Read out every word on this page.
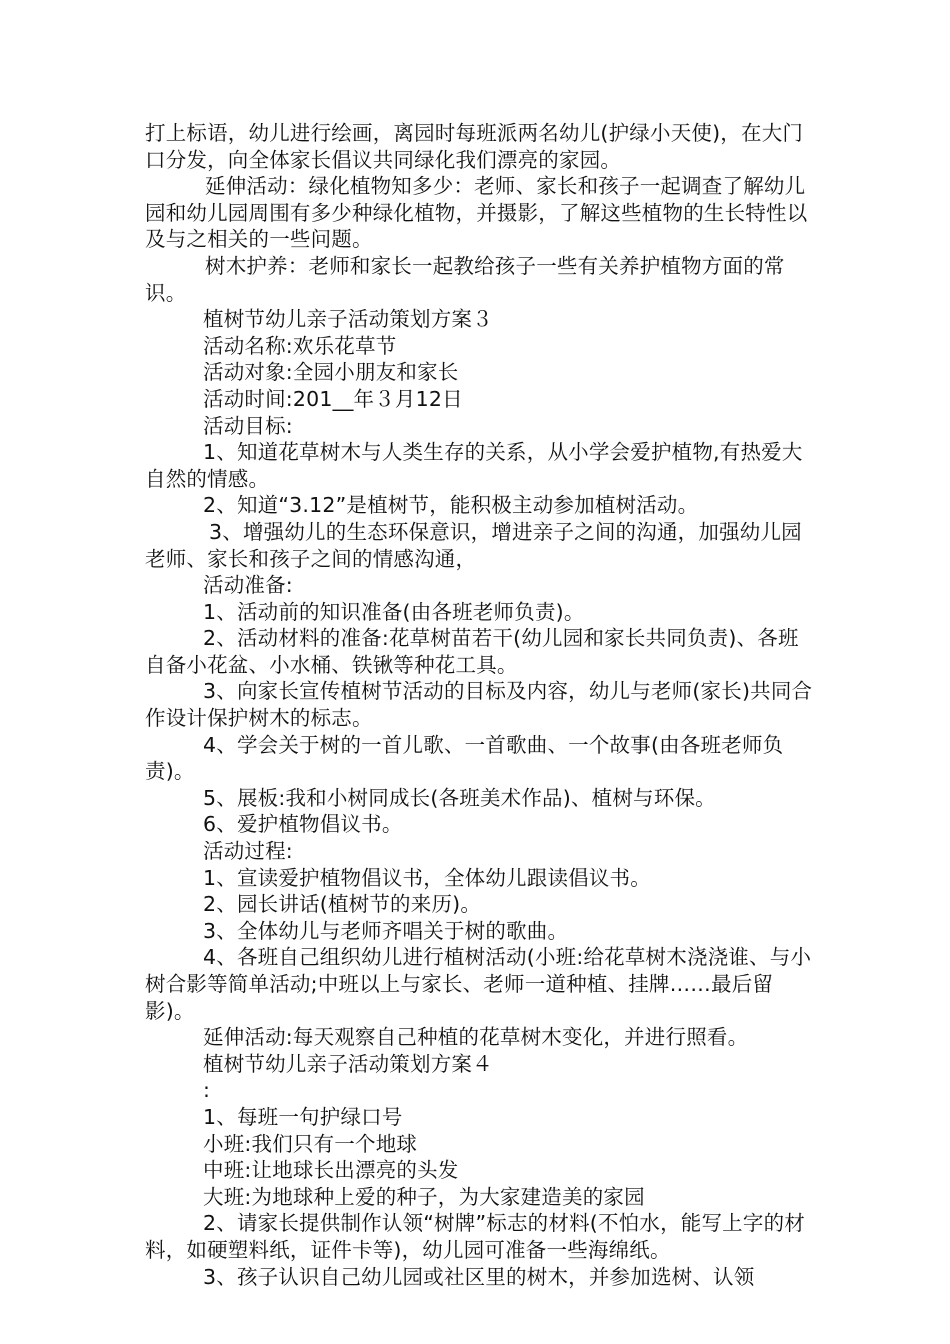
打上标语，幼儿进行绘画，离园时每班派两名幼儿(护绿小天使)，在大门口分发，向全体家长倡议共同绿化我们漂亮的家园。

延伸活动：绿化植物知多少：老师、家长和孩子一起调查了解幼儿园和幼儿园周围有多少种绿化植物，并摄影，了解这些植物的生长特性以及与之相关的一些问题。

树木护养：老师和家长一起教给孩子一些有关养护植物方面的常识。

植树节幼儿亲子活动策划方案３

活动名称:欢乐花草节

活动对象:全园小朋友和家长

活动时间:201__年３月12日

活动目标:

1、知道花草树木与人类生存的关系，从小学会爱护植物,有热爱大自然的情感。

2、知道“3.12”是植树节，能积极主动参加植树活动。

3、增强幼儿的生态环保意识，增进亲子之间的沟通，加强幼儿园老师、家长和孩子之间的情感沟通，

活动准备:

1、活动前的知识准备(由各班老师负责)。

2、活动材料的准备:花草树苗若干(幼儿园和家长共同负责)、各班自备小花盆、小水桶、铁锹等种花工具。

3、向家长宣传植树节活动的目标及内容，幼儿与老师(家长)共同合作设计保护树木的标志。

4、学会关于树的一首儿歌、一首歌曲、一个故事(由各班老师负责)。

5、展板:我和小树同成长(各班美术作品)、植树与环保。

6、爱护植物倡议书。

活动过程:

1、宣读爱护植物倡议书，全体幼儿跟读倡议书。

2、园长讲话(植树节的来历)。

3、全体幼儿与老师齐唱关于树的歌曲。

4、各班自己组织幼儿进行植树活动(小班:给花草树木浇浇谁、与小树合影等简单活动;中班以上与家长、老师一道种植、挂牌……最后留影)。

延伸活动:每天观察自己种植的花草树木变化，并进行照看。

植树节幼儿亲子活动策划方案４

:

1、每班一句护绿口号

小班:我们只有一个地球

中班:让地球长出漂亮的头发

大班:为地球种上爱的种子，为大家建造美的家园

2、请家长提供制作认领“树牌”标志的材料(不怕水，能写上字的材料，如硬塑料纸，证件卡等)，幼儿园可准备一些海绵纸。

3、孩子认识自己幼儿园或社区里的树木，并参加选树、认领
